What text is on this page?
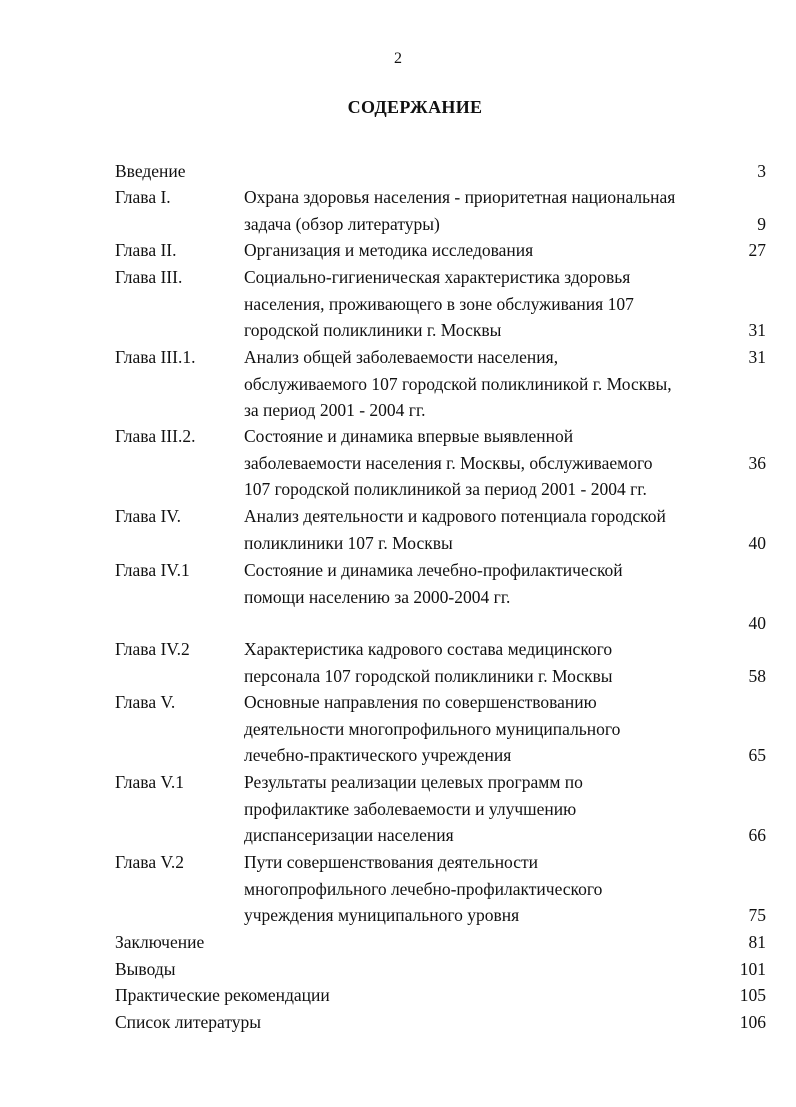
2
СОДЕРЖАНИЕ
Введение	3
Глава I.	Охрана здоровья населения - приоритетная национальная
задача (обзор литературы)	9
Глава II.	Организация и методика исследования	27
Глава III.	Социально-гигиеническая характеристика здоровья
населения, проживающего в зоне обслуживания 107
городской поликлиники г. Москвы	31
Глава III.1.	Анализ общей заболеваемости населения,
обслуживаемого 107 городской поликлиникой г. Москвы,
за период 2001 - 2004 гг.
31
Глава III.2.	Состояние и динамика впервые выявленной
заболеваемости населения г. Москвы, обслуживаемого
107 городской поликлиникой за период 2001 - 2004 гг.
36
Глава IV.	Анализ деятельности и кадрового потенциала городской
поликлиники 107 г. Москвы	40
Глава IV.1	Состояние и динамика лечебно-профилактической
помощи населению за 2000-2004 гг.
40
Глава IV.2	Характеристика кадрового состава медицинского
персонала 107 городской поликлиники г. Москвы	58
Глава V.	Основные направления по совершенствованию
деятельности многопрофильного муниципального
лечебно-практического учреждения	65
Глава V.1	Результаты реализации целевых программ по
профилактике заболеваемости и улучшению
диспансеризации населения	66
Глава V.2	Пути совершенствования деятельности
многопрофильного лечебно-профилактического
учреждения муниципального уровня	75
Заключение	81
Выводы	101
Практические рекомендации	105
Список литературы	106
